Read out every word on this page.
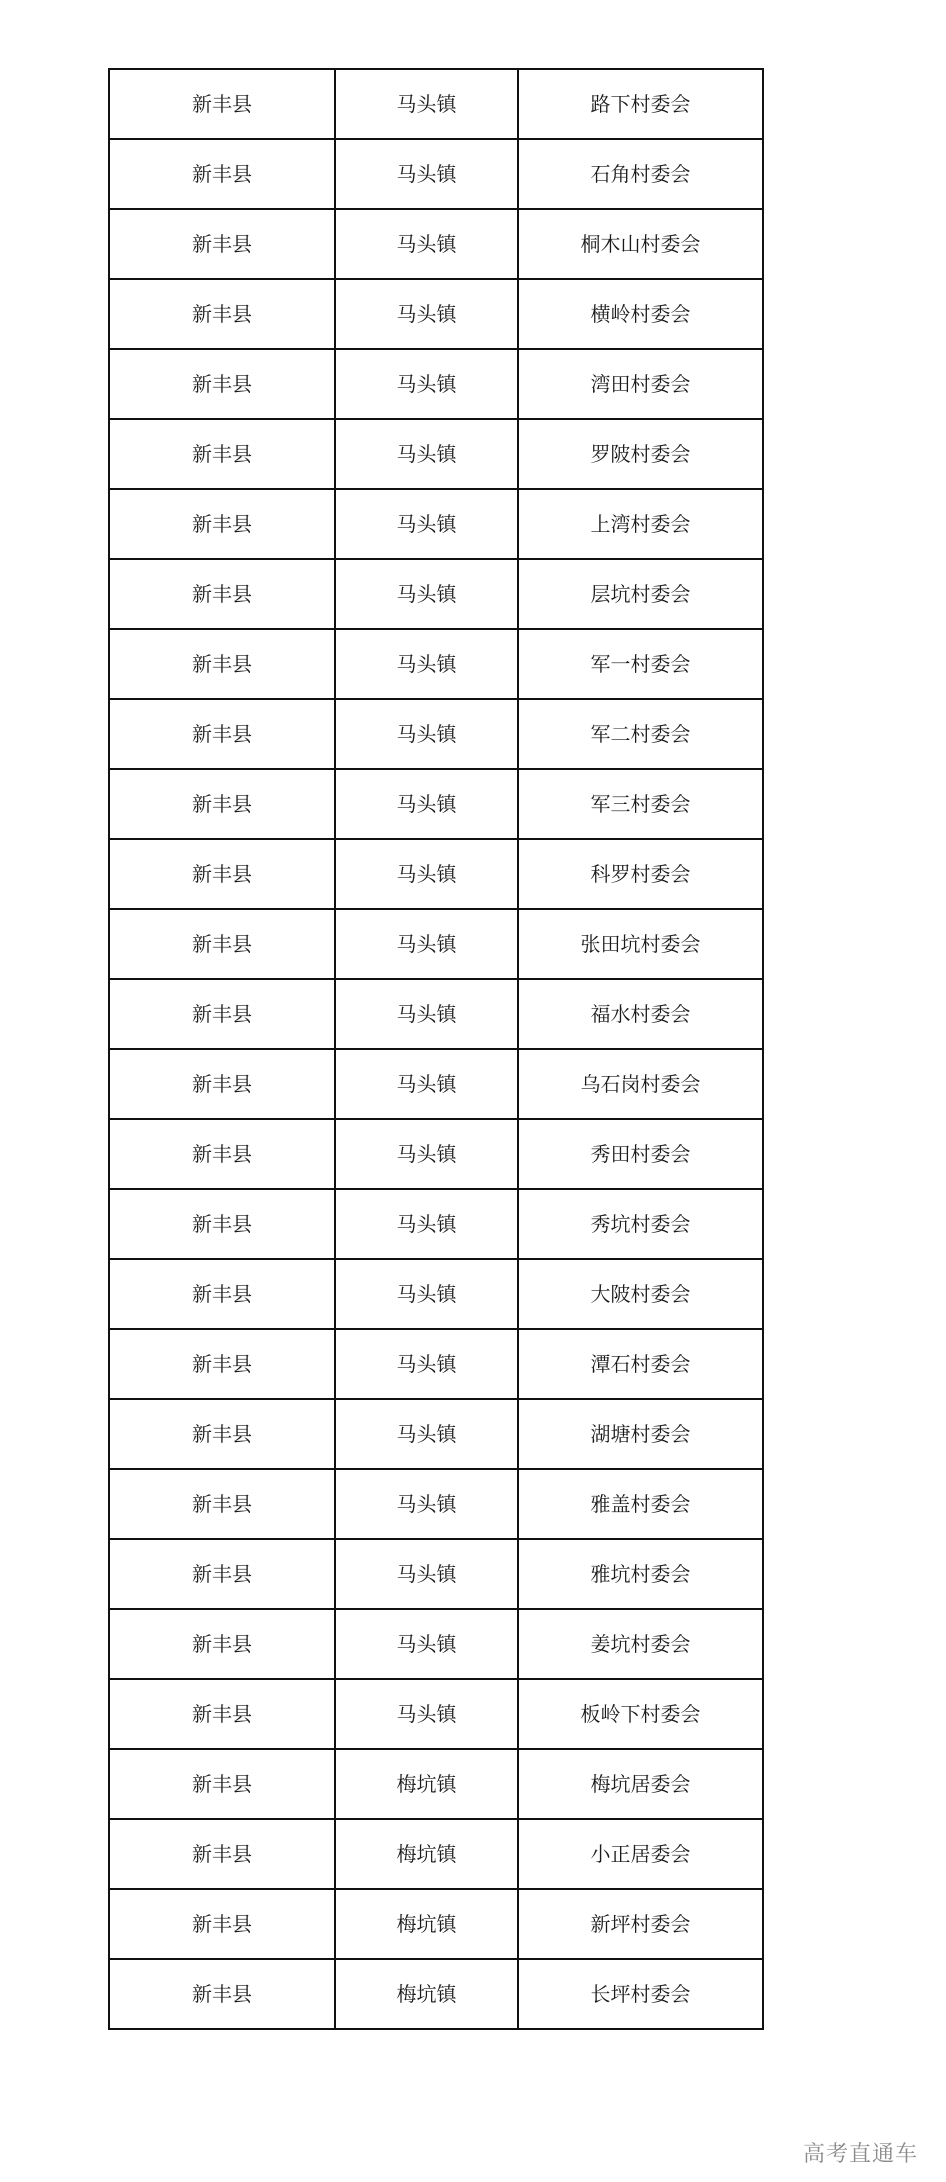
新丰县	马头镇	路下村委会
新丰县	马头镇	石角村委会
新丰县	马头镇	桐木山村委会
新丰县	马头镇	横岭村委会
新丰县	马头镇	湾田村委会
新丰县	马头镇	罗陂村委会
新丰县	马头镇	上湾村委会
新丰县	马头镇	层坑村委会
新丰县	马头镇	军一村委会
新丰县	马头镇	军二村委会
新丰县	马头镇	军三村委会
新丰县	马头镇	科罗村委会
新丰县	马头镇	张田坑村委会
新丰县	马头镇	福水村委会
新丰县	马头镇	乌石岗村委会
新丰县	马头镇	秀田村委会
新丰县	马头镇	秀坑村委会
新丰县	马头镇	大陂村委会
新丰县	马头镇	潭石村委会
新丰县	马头镇	湖塘村委会
新丰县	马头镇	雅盖村委会
新丰县	马头镇	雅坑村委会
新丰县	马头镇	姜坑村委会
新丰县	马头镇	板岭下村委会
新丰县	梅坑镇	梅坑居委会
新丰县	梅坑镇	小正居委会
新丰县	梅坑镇	新坪村委会
新丰县	梅坑镇	长坪村委会
高考直通车
